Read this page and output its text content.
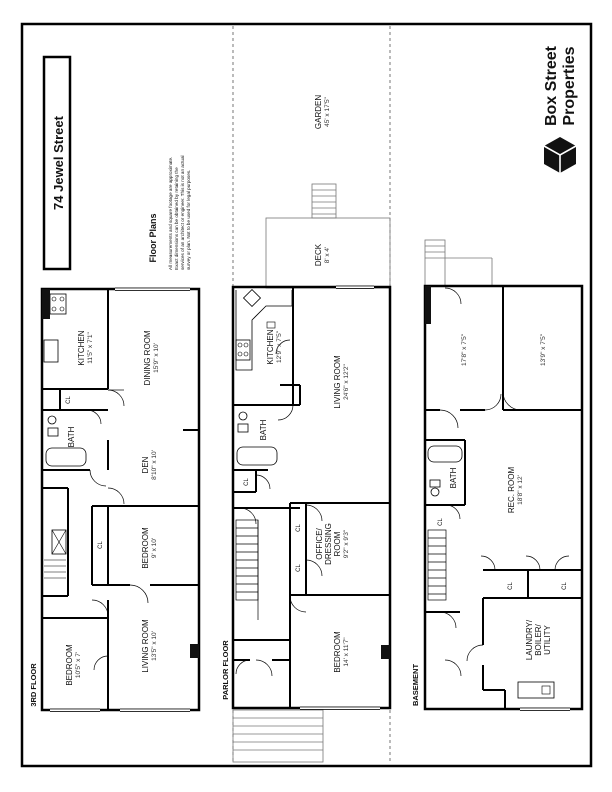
74 Jewel Street
Floor Plans All measurements and square footage are approximate. Exact dimensions can be obtained by retaining the services of an architect or engineer. This is not an actual survey or plan. Not to be used for legal purposes.
Box Street Properties
3RD FLOOR
KITCHEN 11'5" x 7'1"	DINING ROOM 15'9" x 10'
CL
BATH
DEN 8'10" x 10'
CL	BEDROOM 9' x 10'
LIVING ROOM 13'5" x 10'
BEDROOM 10'5" x 7'	PARLOR FLOOR
GARDEN 45' x 17'5"
DECK 8' x 4'
KITCHEN 12'9" x 7'5"
LIVING ROOM 24'6" x 12'2"
BATH
CL
CL
CL
OFFICE/ DRESSING ROOM 9'2" x 9'3"
BEDROOM 14' x 11'7"
BASEMENT
17'8" x 7'5"	13'9" x 7'5"
BATH	REC. ROOM 18'8" x 12'
CL
CL	CL
LAUNDRY/ BOILER/ UTILITY
